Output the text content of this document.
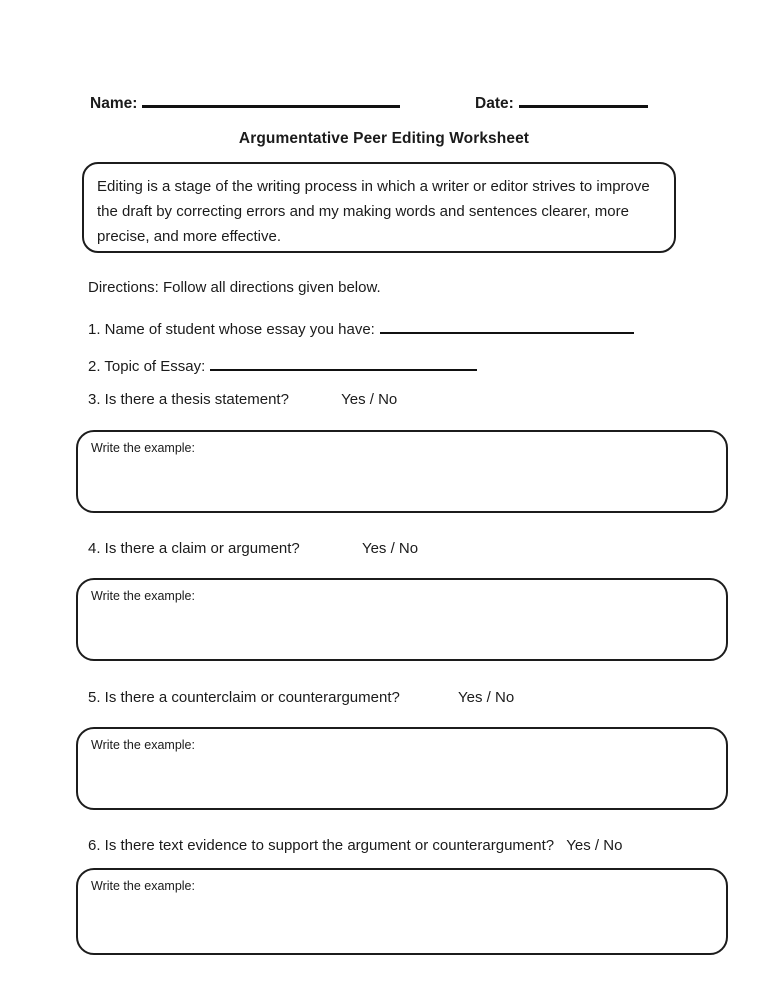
Name:	Date:
Argumentative Peer Editing Worksheet
Editing is a stage of the writing process in which a writer or editor strives to improve the draft by correcting errors and my making words and sentences clearer, more precise, and more effective.
Directions: Follow all directions given below.
1. Name of student whose essay you have:
2. Topic of Essay:
3. Is there a thesis statement?	Yes / No
Write the example:
4. Is there a claim or argument?	Yes / No
Write the example:
5. Is there a counterclaim or counterargument?	Yes / No
Write the example:
6. Is there text evidence to support the argument or counterargument? Yes / No
Write the example:
